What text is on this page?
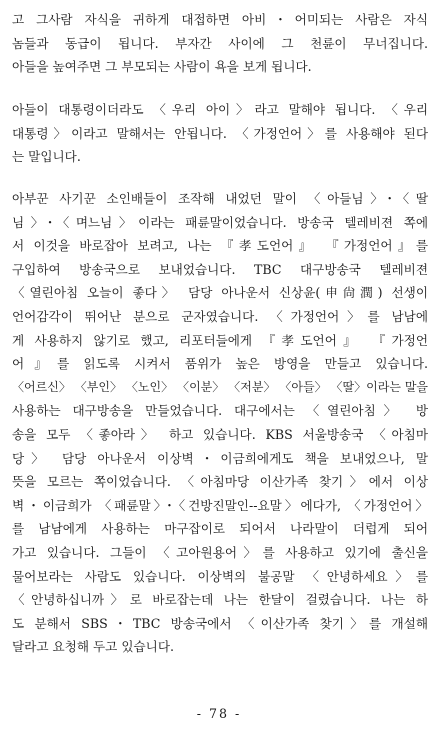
고 그사람 자식을 귀하게 대접하면 아비・어미되는 사람은 자식
놈들과 동급이 됩니다. 부자간 사이에 그 천륜이 무너집니다.
아들을 높여주면 그 부모되는 사람이 욕을 보게 됩니다.
아들이 대통령이더라도 〈우리 아이〉라고 말해야 됩니다. 〈우리
대통령〉이라고 말해서는 안됩니다. 〈가정언어〉를 사용해야 된다
는 말입니다.
아부꾼 사기꾼 소인배들이 조작해 내었던 말이 〈아들님〉・〈딸
님〉・〈며느님〉이라는 패륜말이었습니다. 방송국 텔레비젼 쪽에
서 이것을 바로잡아 보려고, 나는 『孝도언어』 『가정언어』를
구입하여 방송국으로 보내었습니다. TBC 대구방송국 텔레비젼
〈열린아침 오늘이 좋다〉 담당 아나운서 신상윤(申尙潤) 선생이
언어감각이 뛰어난 분으로 군자였습니다. 〈가정언어〉를 남남에
게 사용하지 않기로 했고, 리포터들에게 『孝도언어』 『가정언
어』를 읽도록 시켜서 품위가 높은 방영을 만들고 있습니다.
〈어르신〉 〈부인〉 〈노인〉 〈이분〉 〈저분〉 〈아들〉 〈딸〉이라는 말을
사용하는 대구방송을 만들었습니다. 대구에서는 〈열린아침〉 방
송을 모두 〈좋아라〉 하고 있습니다. KBS 서울방송국 〈아침마
당〉 담당 아나운서 이상벽・이금희에게도 책을 보내었으나, 말
뜻을 모르는 쪽이었습니다. 〈아침마당 이산가족 찾기〉에서 이상
벽・이금희가 〈패륜말〉・〈건방진말인--요말〉에다가, 〈가정언어〉
를 남남에게 사용하는 마구잡이로 되어서 나라말이 더럽게 되어
가고 있습니다. 그들이 〈고아원용어〉를 사용하고 있기에 출신을
물어보라는 사람도 있습니다. 이상벽의 불공말 〈안녕하세요〉를
〈안녕하십니까〉로 바로잡는데 나는 한달이 걸렸습니다. 나는 하
도 분해서 SBS・TBC 방송국에서 〈이산가족 찾기〉를 개설해
달라고 요청해 두고 있습니다.
- 78 -
